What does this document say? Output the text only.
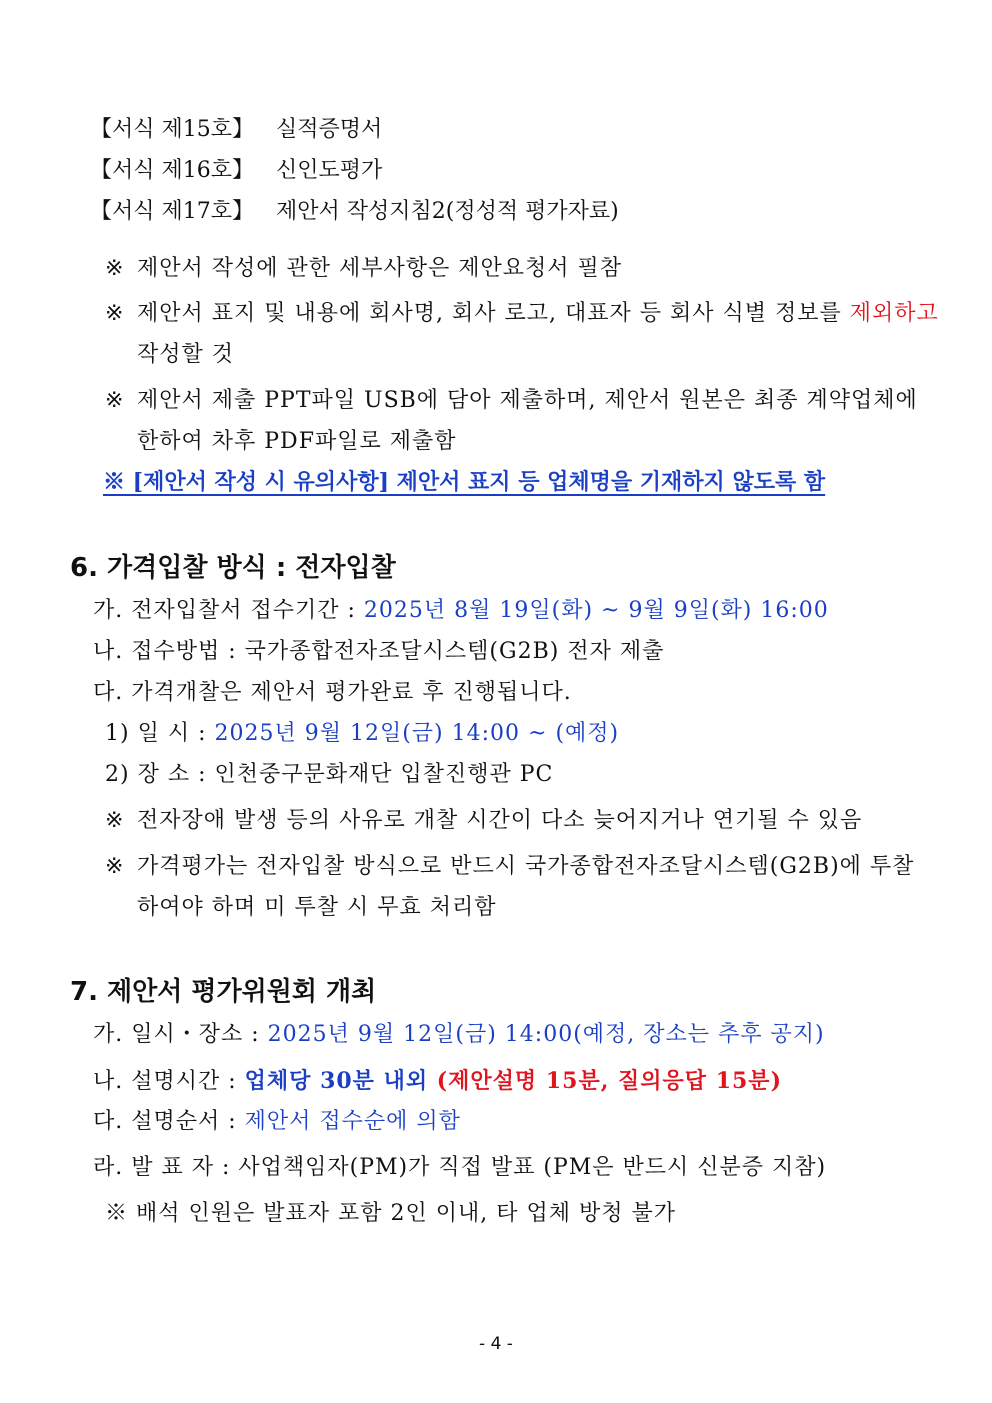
【서식 제15호】 실적증명서
【서식 제16호】 신인도평가
【서식 제17호】 제안서 작성지침2(정성적 평가자료)
※ 제안서 작성에 관한 세부사항은 제안요청서 필참
※ 제안서 표지 및 내용에 회사명, 회사 로고, 대표자 등 회사 식별 정보를 제외하고
작성할 것
※ 제안서 제출 PPT파일 USB에 담아 제출하며, 제안서 원본은 최종 계약업체에
한하여 차후 PDF파일로 제출함
※ [제안서 작성 시 유의사항] 제안서 표지 등 업체명을 기재하지 않도록 함
6. 가격입찰 방식 : 전자입찰
가. 전자입찰서 접수기간 : 2025년 8월 19일(화) ~ 9월 9일(화) 16:00
나. 접수방법 : 국가종합전자조달시스템(G2B) 전자 제출
다. 가격개찰은 제안서 평가완료 후 진행됩니다.
1) 일 시 : 2025년 9월 12일(금) 14:00 ~ (예정)
2) 장 소 : 인천중구문화재단 입찰진행관 PC
※ 전자장애 발생 등의 사유로 개찰 시간이 다소 늦어지거나 연기될 수 있음
※ 가격평가는 전자입찰 방식으로 반드시 국가종합전자조달시스템(G2B)에 투찰
하여야 하며 미 투찰 시 무효 처리함
7. 제안서 평가위원회 개최
가. 일시・장소 : 2025년 9월 12일(금) 14:00(예정, 장소는 추후 공지)
나. 설명시간 : 업체당 30분 내외 (제안설명 15분, 질의응답 15분)
다. 설명순서 : 제안서 접수순에 의함
라. 발 표 자 : 사업책임자(PM)가 직접 발표 (PM은 반드시 신분증 지참)
※ 배석 인원은 발표자 포함 2인 이내, 타 업체 방청 불가
- 4 -
